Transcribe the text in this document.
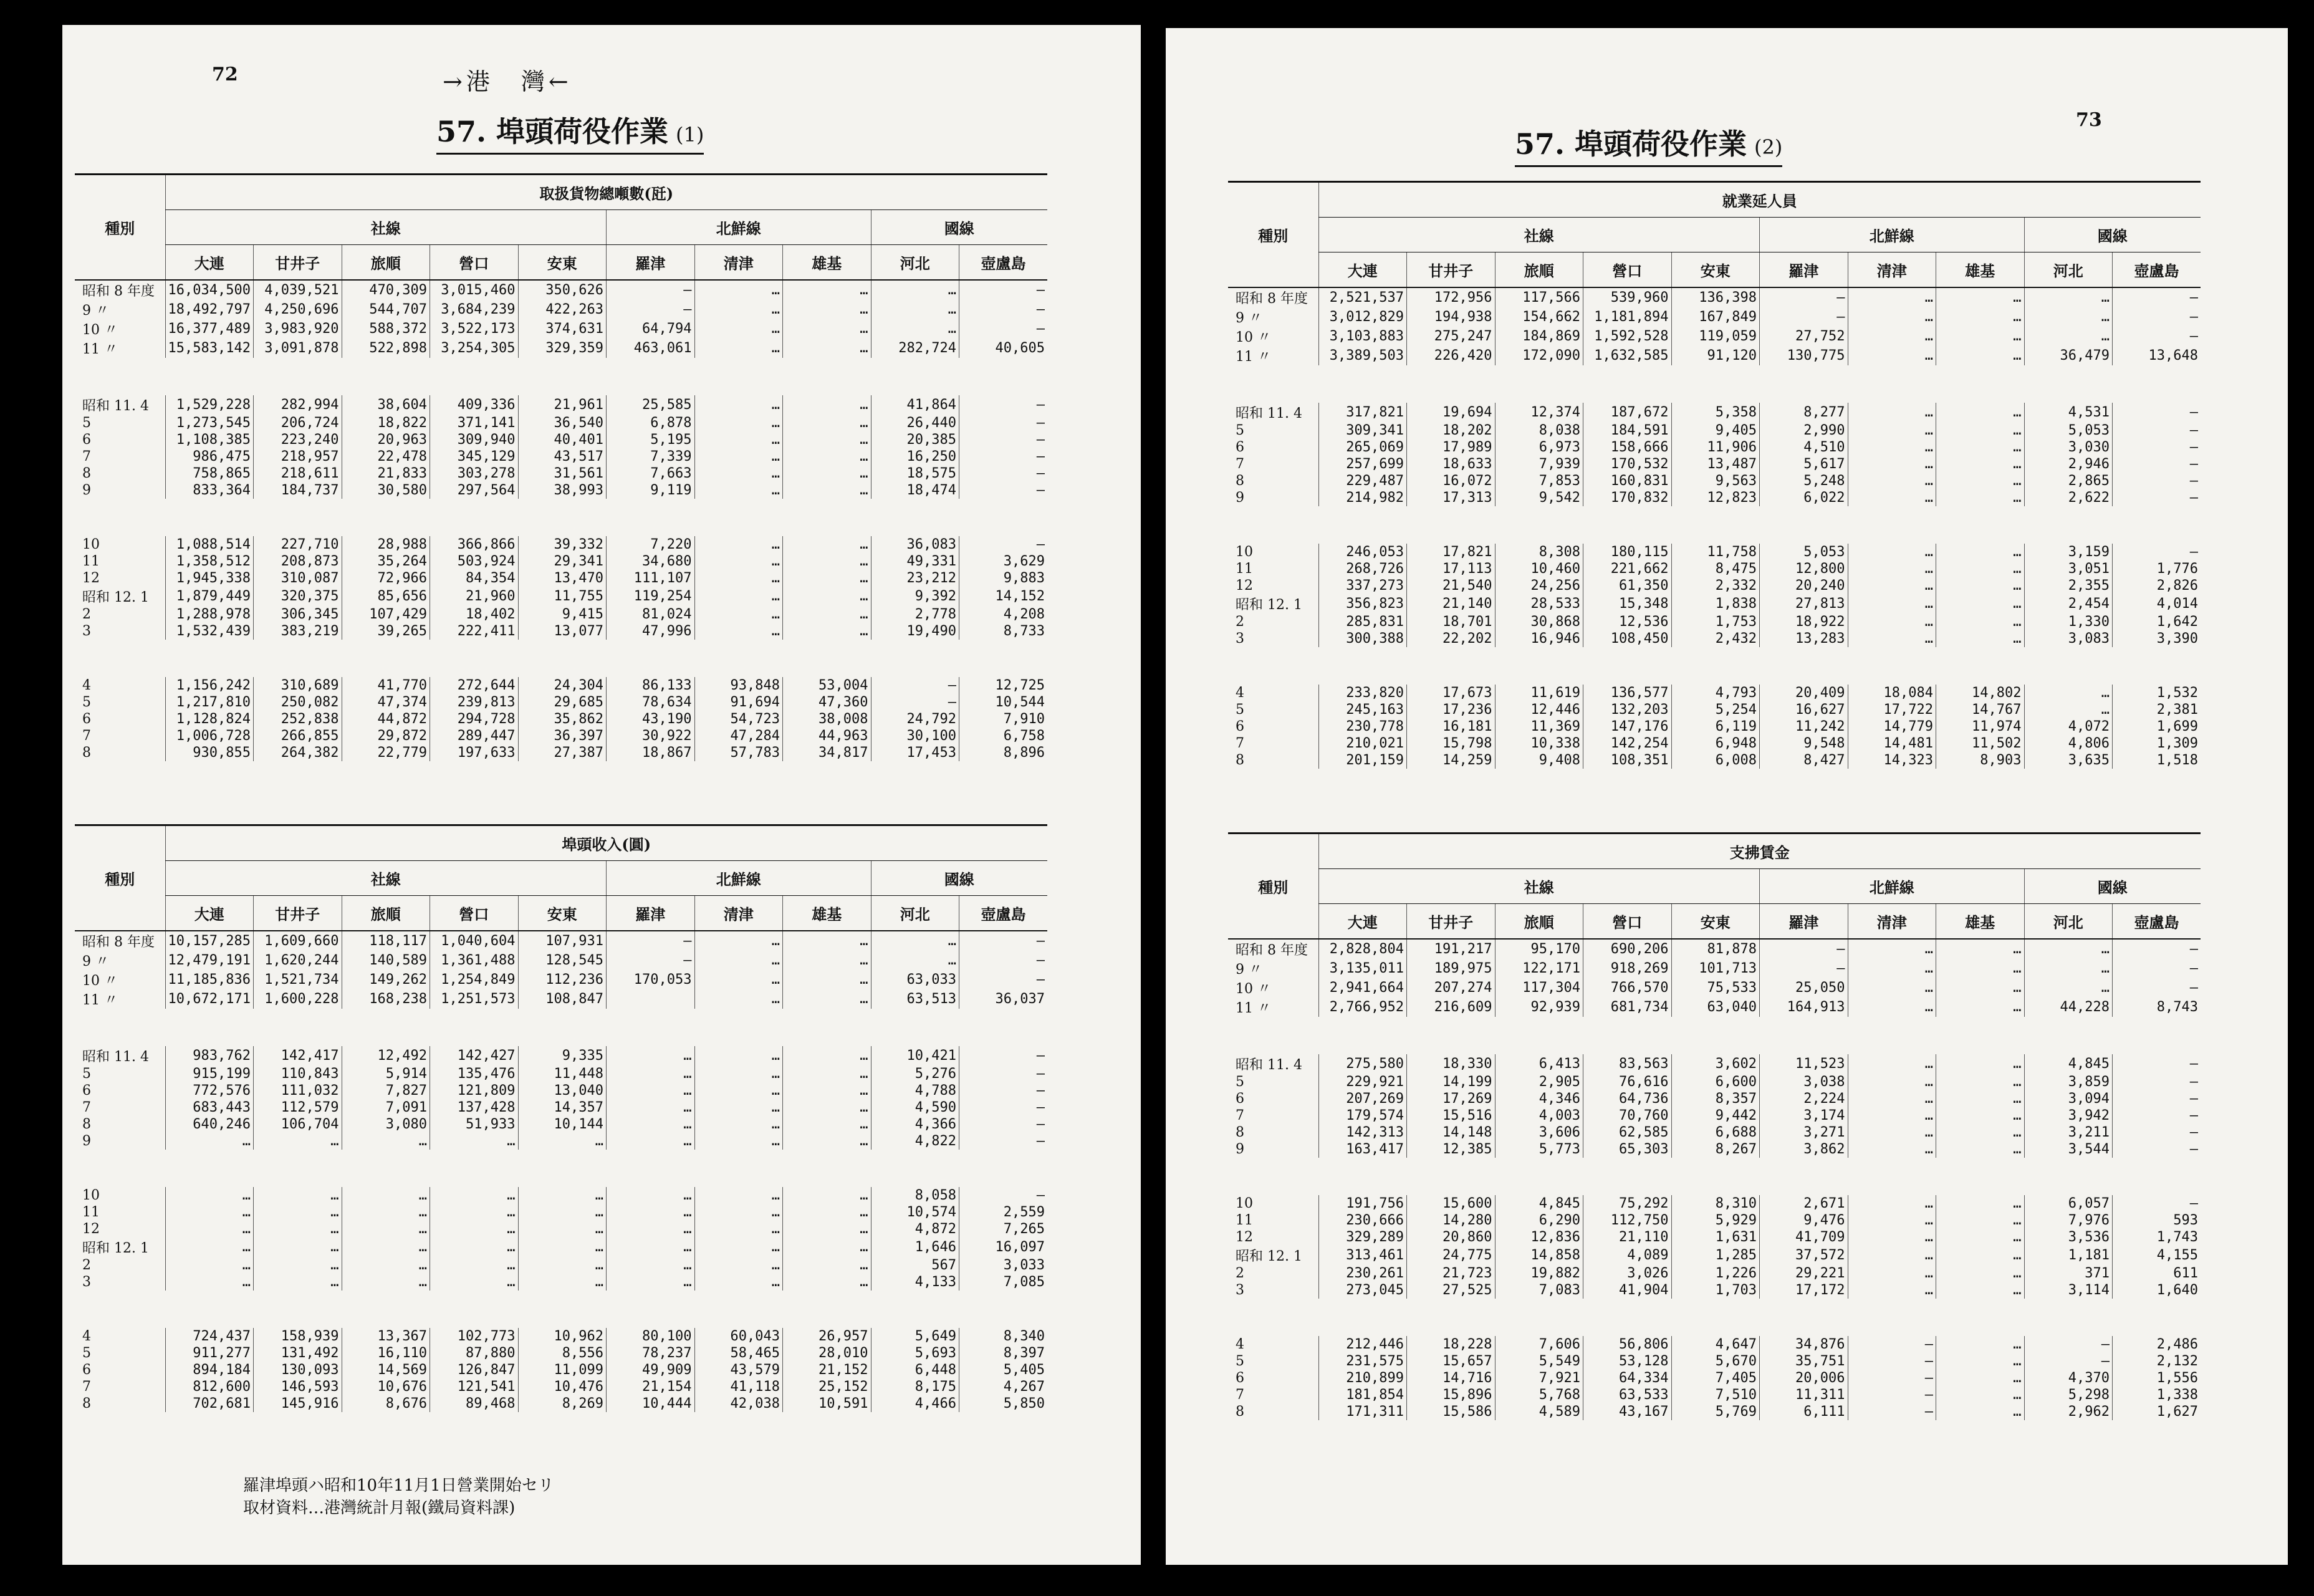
72	→港　灣←
57. 埠頭荷役作業 (1)
種別	取扱貨物總噸數(瓩)									
	社線					北鮮線			國線	
	大連	甘井子	旅順	營口	安東	羅津	清津	雄基	河北	壺盧島
昭和 8 年度	16,034,500	4,039,521	470,309	3,015,460	350,626	—	…	…	…	—
9 〃	18,492,797	4,250,696	544,707	3,684,239	422,263	—	…	…	…	—
10 〃	16,377,489	3,983,920	588,372	3,522,173	374,631	64,794	…	…	…	—
11 〃	15,583,142	3,091,878	522,898	3,254,305	329,359	463,061	…	…	282,724	40,605

昭和 11. 4	1,529,228	282,994	38,604	409,336	21,961	25,585	…	…	41,864	—
5	1,273,545	206,724	18,822	371,141	36,540	6,878	…	…	26,440	—
6	1,108,385	223,240	20,963	309,940	40,401	5,195	…	…	20,385	—
7	986,475	218,957	22,478	345,129	43,517	7,339	…	…	16,250	—
8	758,865	218,611	21,833	303,278	31,561	7,663	…	…	18,575	—
9	833,364	184,737	30,580	297,564	38,993	9,119	…	…	18,474	—

10	1,088,514	227,710	28,988	366,866	39,332	7,220	…	…	36,083	—
11	1,358,512	208,873	35,264	503,924	29,341	34,680	…	…	49,331	3,629
12	1,945,338	310,087	72,966	84,354	13,470	111,107	…	…	23,212	9,883
昭和 12. 1	1,879,449	320,375	85,656	21,960	11,755	119,254	…	…	9,392	14,152
2	1,288,978	306,345	107,429	18,402	9,415	81,024	…	…	2,778	4,208
3	1,532,439	383,219	39,265	222,411	13,077	47,996	…	…	19,490	8,733

4	1,156,242	310,689	41,770	272,644	24,304	86,133	93,848	53,004	—	12,725
5	1,217,810	250,082	47,374	239,813	29,685	78,634	91,694	47,360	—	10,544
6	1,128,824	252,838	44,872	294,728	35,862	43,190	54,723	38,008	24,792	7,910
7	1,006,728	266,855	29,872	289,447	36,397	30,922	47,284	44,963	30,100	6,758
8	930,855	264,382	22,779	197,633	27,387	18,867	57,783	34,817	17,453	8,896
種別	埠頭收入(圓)									
	社線					北鮮線			國線	
	大連	甘井子	旅順	營口	安東	羅津	清津	雄基	河北	壺盧島
昭和 8 年度	10,157,285	1,609,660	118,117	1,040,604	107,931	—	…	…	…	—
9 〃	12,479,191	1,620,244	140,589	1,361,488	128,545	—	…	…	…	—
10 〃	11,185,836	1,521,734	149,262	1,254,849	112,236	170,053	…	…	63,033	—
11 〃	10,672,171	1,600,228	168,238	1,251,573	108,847		…	…	63,513	36,037

昭和 11. 4	983,762	142,417	12,492	142,427	9,335	…	…	…	10,421	—
5	915,199	110,843	5,914	135,476	11,448	…	…	…	5,276	—
6	772,576	111,032	7,827	121,809	13,040	…	…	…	4,788	—
7	683,443	112,579	7,091	137,428	14,357	…	…	…	4,590	—
8	640,246	106,704	3,080	51,933	10,144	…	…	…	4,366	—
9	…	…	…	…	…	…	…	…	4,822	—

10	…	…	…	…	…	…	…	…	8,058	—
11	…	…	…	…	…	…	…	…	10,574	2,559
12	…	…	…	…	…	…	…	…	4,872	7,265
昭和 12. 1	…	…	…	…	…	…	…	…	1,646	16,097
2	…	…	…	…	…	…	…	…	567	3,033
3	…	…	…	…	…	…	…	…	4,133	7,085

4	724,437	158,939	13,367	102,773	10,962	80,100	60,043	26,957	5,649	8,340
5	911,277	131,492	16,110	87,880	8,556	78,237	58,465	28,010	5,693	8,397
6	894,184	130,093	14,569	126,847	11,099	49,909	43,579	21,152	6,448	5,405
7	812,600	146,593	10,676	121,541	10,476	21,154	41,118	25,152	8,175	4,267
8	702,681	145,916	8,676	89,468	8,269	10,444	42,038	10,591	4,466	5,850
羅津埠頭ハ昭和10年11月1日營業開始セリ
取材資料…港灣統計月報(鐵局資料課)
73
57. 埠頭荷役作業 (2)
種別	就業延人員									
	社線					北鮮線			國線	
	大連	甘井子	旅順	營口	安東	羅津	清津	雄基	河北	壺盧島
昭和 8 年度	2,521,537	172,956	117,566	539,960	136,398	—	…	…	…	—
9 〃	3,012,829	194,938	154,662	1,181,894	167,849	—	…	…	…	—
10 〃	3,103,883	275,247	184,869	1,592,528	119,059	27,752	…	…	…	—
11 〃	3,389,503	226,420	172,090	1,632,585	91,120	130,775	…	…	36,479	13,648

昭和 11. 4	317,821	19,694	12,374	187,672	5,358	8,277	…	…	4,531	—
5	309,341	18,202	8,038	184,591	9,405	2,990	…	…	5,053	—
6	265,069	17,989	6,973	158,666	11,906	4,510	…	…	3,030	—
7	257,699	18,633	7,939	170,532	13,487	5,617	…	…	2,946	—
8	229,487	16,072	7,853	160,831	9,563	5,248	…	…	2,865	—
9	214,982	17,313	9,542	170,832	12,823	6,022	…	…	2,622	—

10	246,053	17,821	8,308	180,115	11,758	5,053	…	…	3,159	—
11	268,726	17,113	10,460	221,662	8,475	12,800	…	…	3,051	1,776
12	337,273	21,540	24,256	61,350	2,332	20,240	…	…	2,355	2,826
昭和 12. 1	356,823	21,140	28,533	15,348	1,838	27,813	…	…	2,454	4,014
2	285,831	18,701	30,868	12,536	1,753	18,922	…	…	1,330	1,642
3	300,388	22,202	16,946	108,450	2,432	13,283	…	…	3,083	3,390

4	233,820	17,673	11,619	136,577	4,793	20,409	18,084	14,802	…	1,532
5	245,163	17,236	12,446	132,203	5,254	16,627	17,722	14,767	…	2,381
6	230,778	16,181	11,369	147,176	6,119	11,242	14,779	11,974	4,072	1,699
7	210,021	15,798	10,338	142,254	6,948	9,548	14,481	11,502	4,806	1,309
8	201,159	14,259	9,408	108,351	6,008	8,427	14,323	8,903	3,635	1,518
種別	支拂賃金									
	社線					北鮮線			國線	
	大連	甘井子	旅順	營口	安東	羅津	清津	雄基	河北	壺盧島
昭和 8 年度	2,828,804	191,217	95,170	690,206	81,878	—	…	…	…	—
9 〃	3,135,011	189,975	122,171	918,269	101,713	—	…	…	…	—
10 〃	2,941,664	207,274	117,304	766,570	75,533	25,050	…	…	…	—
11 〃	2,766,952	216,609	92,939	681,734	63,040	164,913	…	…	44,228	8,743

昭和 11. 4	275,580	18,330	6,413	83,563	3,602	11,523	…	…	4,845	—
5	229,921	14,199	2,905	76,616	6,600	3,038	…	…	3,859	—
6	207,269	17,269	4,346	64,736	8,357	2,224	…	…	3,094	—
7	179,574	15,516	4,003	70,760	9,442	3,174	…	…	3,942	—
8	142,313	14,148	3,606	62,585	6,688	3,271	…	…	3,211	—
9	163,417	12,385	5,773	65,303	8,267	3,862	…	…	3,544	—

10	191,756	15,600	4,845	75,292	8,310	2,671	…	…	6,057	—
11	230,666	14,280	6,290	112,750	5,929	9,476	…	…	7,976	593
12	329,289	20,860	12,836	21,110	1,631	41,709	…	…	3,536	1,743
昭和 12. 1	313,461	24,775	14,858	4,089	1,285	37,572	…	…	1,181	4,155
2	230,261	21,723	19,882	3,026	1,226	29,221	…	…	371	611
3	273,045	27,525	7,083	41,904	1,703	17,172	…	…	3,114	1,640

4	212,446	18,228	7,606	56,806	4,647	34,876	—	…	—	2,486
5	231,575	15,657	5,549	53,128	5,670	35,751	—	…	—	2,132
6	210,899	14,716	7,921	64,334	7,405	20,006	—	…	4,370	1,556
7	181,854	15,896	5,768	63,533	7,510	11,311	—	…	5,298	1,338
8	171,311	15,586	4,589	43,167	5,769	6,111	—	…	2,962	1,627
